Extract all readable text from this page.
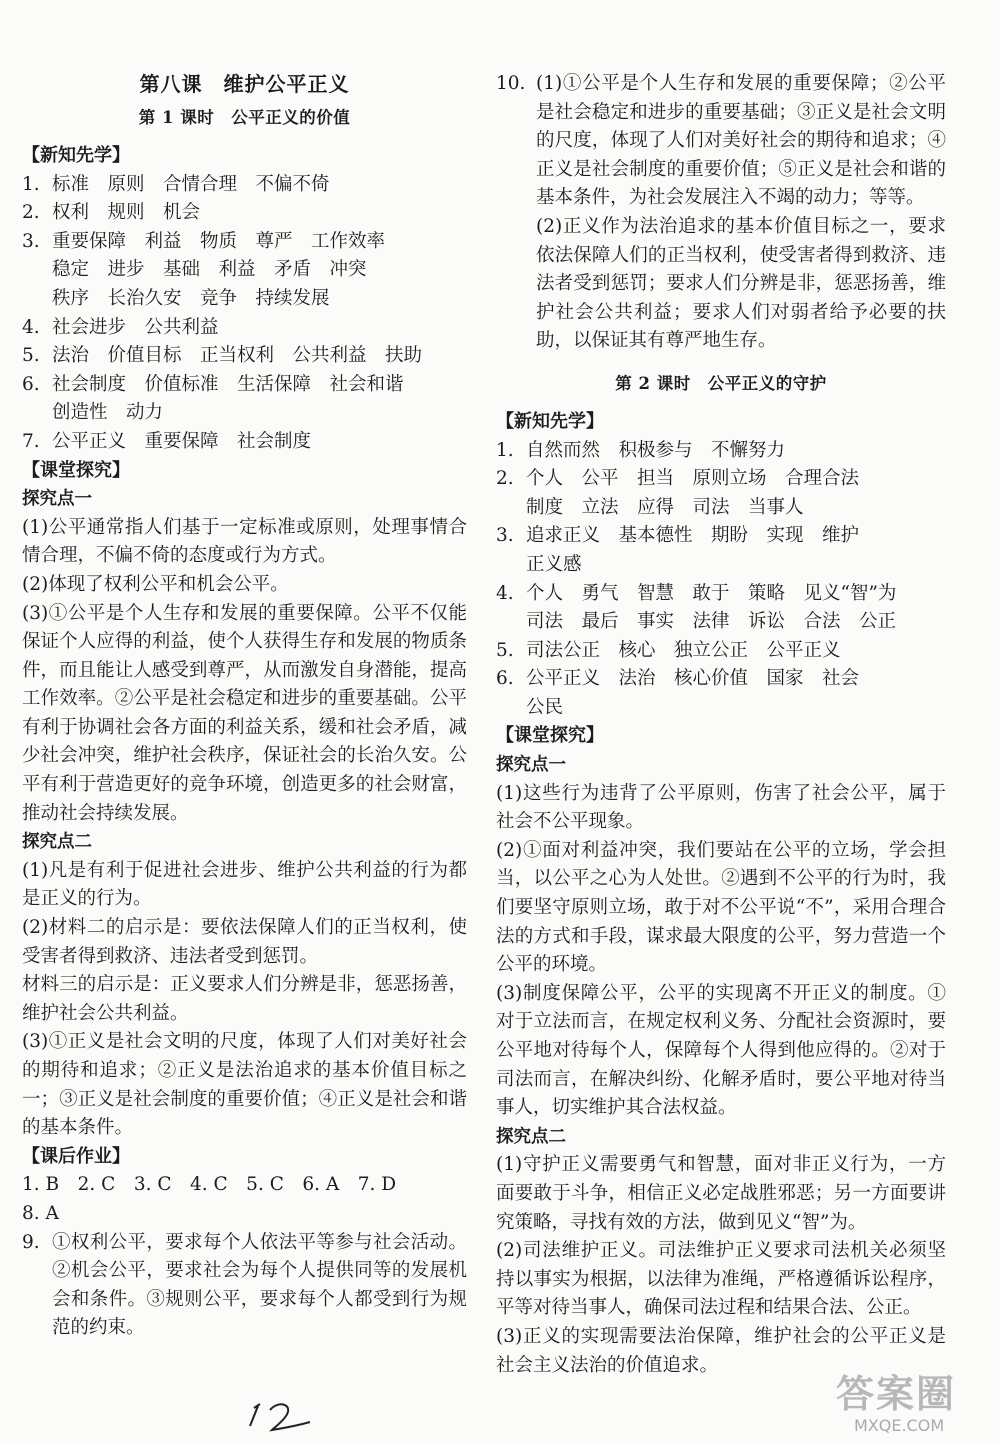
第八课　维护公平正义
第 1 课时　公平正义的价值
【新知先学】
1. 标准　原则　合情合理　不偏不倚
2. 权利　规则　机会
3. 重要保障　利益　物质　尊严　工作效率
稳定　进步　基础　利益　矛盾　冲突
秩序　长治久安　竞争　持续发展
4. 社会进步　公共利益
5. 法治　价值目标　正当权利　公共利益　扶助
6. 社会制度　价值标准　生活保障　社会和谐
创造性　动力
7. 公平正义　重要保障　社会制度
【课堂探究】
探究点一
(1)公平通常指人们基于一定标准或原则，处理事情合情合理，不偏不倚的态度或行为方式。
(2)体现了权利公平和机会公平。
(3)①公平是个人生存和发展的重要保障。公平不仅能保证个人应得的利益，使个人获得生存和发展的物质条件，而且能让人感受到尊严，从而激发自身潜能，提高工作效率。②公平是社会稳定和进步的重要基础。公平有利于协调社会各方面的利益关系，缓和社会矛盾，减少社会冲突，维护社会秩序，保证社会的长治久安。公平有利于营造更好的竞争环境，创造更多的社会财富，推动社会持续发展。
探究点二
(1)凡是有利于促进社会进步、维护公共利益的行为都是正义的行为。
(2)材料二的启示是：要依法保障人们的正当权利，使受害者得到救济、违法者受到惩罚。
材料三的启示是：正义要求人们分辨是非，惩恶扬善，维护社会公共利益。
(3)①正义是社会文明的尺度，体现了人们对美好社会的期待和追求；②正义是法治追求的基本价值目标之一；③正义是社会制度的重要价值；④正义是社会和谐的基本条件。
【课后作业】
1. B　2. C　3. C　4. C　5. C　6. A　7. D
8. A
9. ①权利公平，要求每个人依法平等参与社会活动。②机会公平，要求社会为每个人提供同等的发展机会和条件。③规则公平，要求每个人都受到行为规范的约束。
10. (1)①公平是个人生存和发展的重要保障；②公平是社会稳定和进步的重要基础；③正义是社会文明的尺度，体现了人们对美好社会的期待和追求；④正义是社会制度的重要价值；⑤正义是社会和谐的基本条件，为社会发展注入不竭的动力；等等。
(2)正义作为法治追求的基本价值目标之一，要求依法保障人们的正当权利，使受害者得到救济、违法者受到惩罚；要求人们分辨是非，惩恶扬善，维护社会公共利益；要求人们对弱者给予必要的扶助，以保证其有尊严地生存。
第 2 课时　公平正义的守护
【新知先学】
1. 自然而然　积极参与　不懈努力
2. 个人　公平　担当　原则立场　合理合法
制度　立法　应得　司法　当事人
3. 追求正义　基本德性　期盼　实现　维护
正义感
4. 个人　勇气　智慧　敢于　策略　见义“智”为
司法　最后　事实　法律　诉讼　合法　公正
5. 司法公正　核心　独立公正　公平正义
6. 公平正义　法治　核心价值　国家　社会
公民
【课堂探究】
探究点一
(1)这些行为违背了公平原则，伤害了社会公平，属于社会不公平现象。
(2)①面对利益冲突，我们要站在公平的立场，学会担当，以公平之心为人处世。②遇到不公平的行为时，我们要坚守原则立场，敢于对不公平说“不”，采用合理合法的方式和手段，谋求最大限度的公平，努力营造一个公平的环境。
(3)制度保障公平，公平的实现离不开正义的制度。①对于立法而言，在规定权利义务、分配社会资源时，要公平地对待每个人，保障每个人得到他应得的。②对于司法而言，在解决纠纷、化解矛盾时，要公平地对待当事人，切实维护其合法权益。
探究点二
(1)守护正义需要勇气和智慧，面对非正义行为，一方面要敢于斗争，相信正义必定战胜邪恶；另一方面要讲究策略，寻找有效的方法，做到见义“智”为。
(2)司法维护正义。司法维护正义要求司法机关必须坚持以事实为根据，以法律为准绳，严格遵循诉讼程序，平等对待当事人，确保司法过程和结果合法、公正。
(3)正义的实现需要法治保障，维护社会的公平正义是社会主义法治的价值追求。
答案圈
MXQE.COM
